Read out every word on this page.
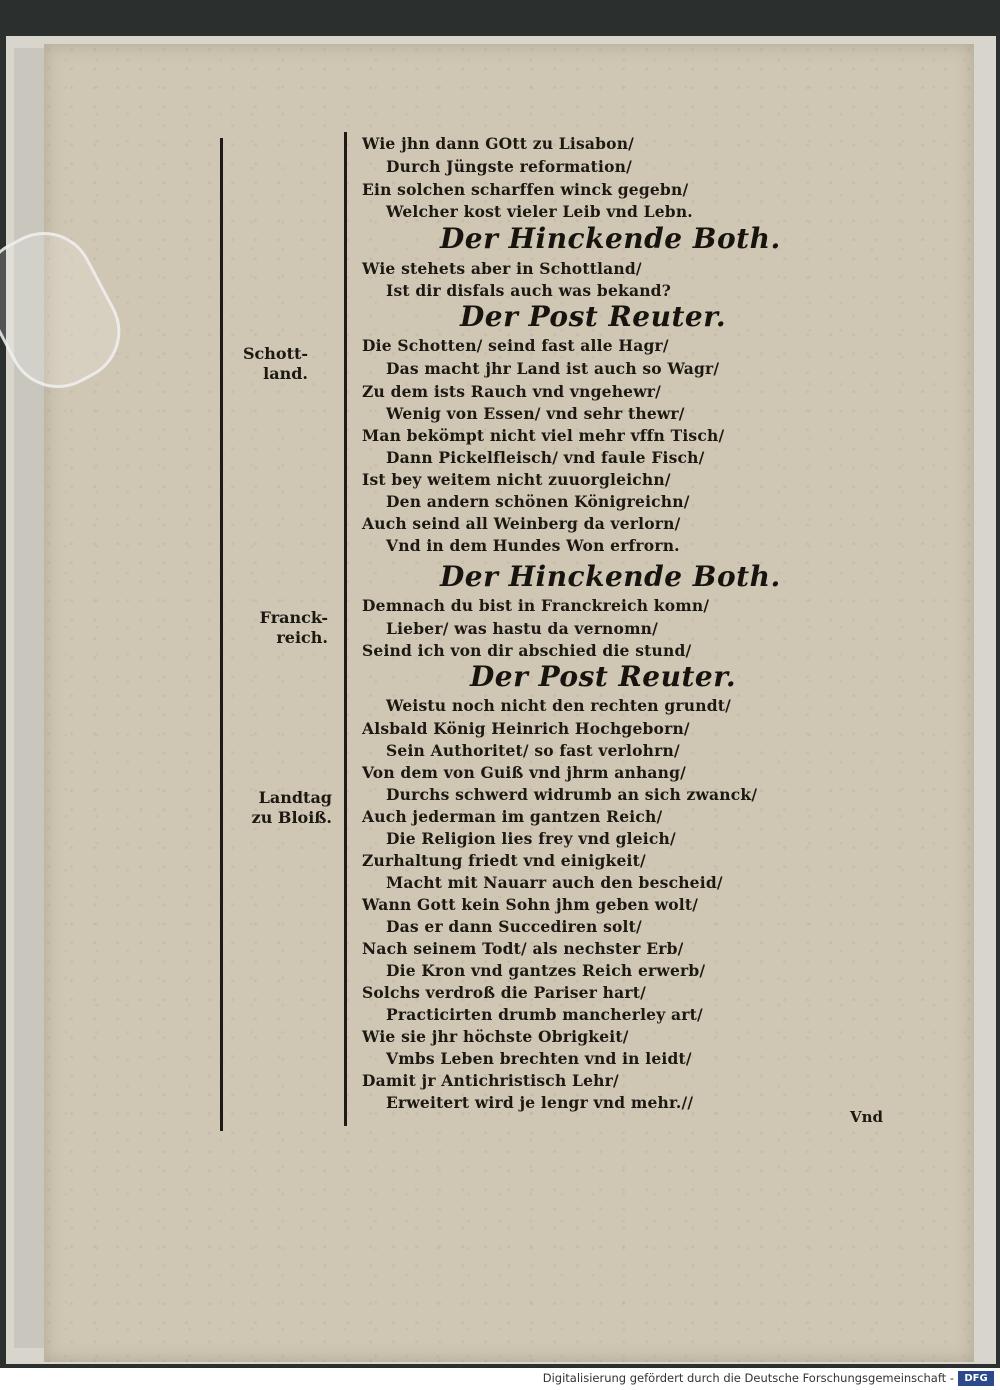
Schott-
land.
Franck-
reich.
Landtag
zu Bloiß.
Wie jhn dann GOtt zu Lisabon/
Durch Jüngste reformation/
Ein solchen scharffen winck gegebn/
Welcher kost vieler Leib vnd Lebn.
Der Hinckende Both.
Wie stehets aber in Schottland/
Ist dir disfals auch was bekand?
Der Post Reuter.
Die Schotten/ seind fast alle Hagr/
Das macht jhr Land ist auch so Wagr/
Zu dem ists Rauch vnd vngehewr/
Wenig von Essen/ vnd sehr thewr/
Man bekömpt nicht viel mehr vffn Tisch/
Dann Pickelfleisch/ vnd faule Fisch/
Ist bey weitem nicht zuuorgleichn/
Den andern schönen Königreichn/
Auch seind all Weinberg da verlorn/
Vnd in dem Hundes Won erfrorn.
Der Hinckende Both.
Demnach du bist in Franckreich komn/
Lieber/ was hastu da vernomn/
Seind ich von dir abschied die stund/
Der Post Reuter.
Weistu noch nicht den rechten grundt/
Alsbald König Heinrich Hochgeborn/
Sein Authoritet/ so fast verlohrn/
Von dem von Guiß vnd jhrm anhang/
Durchs schwerd widrumb an sich zwanck/
Auch jederman im gantzen Reich/
Die Religion lies frey vnd gleich/
Zurhaltung friedt vnd einigkeit/
Macht mit Nauarr auch den bescheid/
Wann Gott kein Sohn jhm geben wolt/
Das er dann Succediren solt/
Nach seinem Todt/ als nechster Erb/
Die Kron vnd gantzes Reich erwerb/
Solchs verdroß die Pariser hart/
Practicirten drumb mancherley art/
Wie sie jhr höchste Obrigkeit/
Vmbs Leben brechten vnd in leidt/
Damit jr Antichristisch Lehr/
Erweitert wird je lengr vnd mehr.//
Vnd
Digitalisierung gefördert durch die Deutsche Forschungsgemeinschaft -	DFG
